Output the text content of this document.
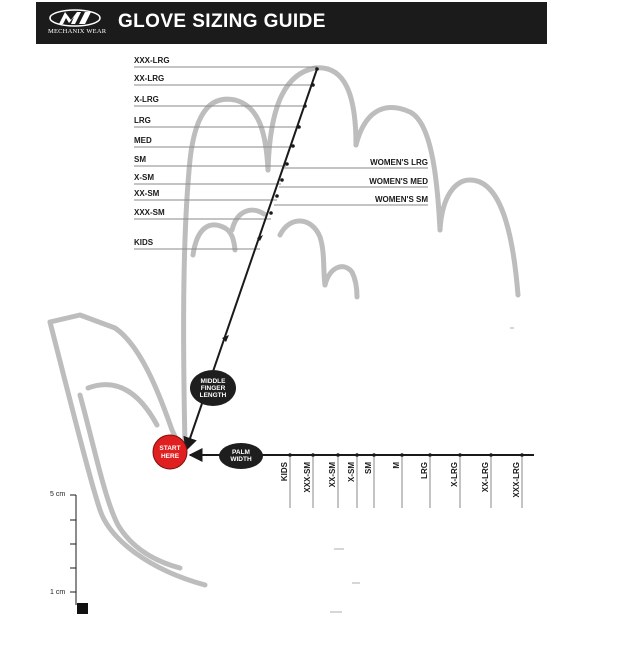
MECHANIX WEAR GLOVE SIZING GUIDE
XXX-LRG
XX-LRG
X-LRG
LRG
MED
SM
X-SM
XX-SM
XXX-SM
KIDS
WOMEN'S LRG
WOMEN'S MED
WOMEN'S SM
KIDS XXX-SM XX-SM X-SM SM M LRG	X-LRG	XX-LRG	XXX-LRG
MIDDLE
FINGER
LENGTH
START
HERE
PALM
WIDTH
5 cm
1 cm
